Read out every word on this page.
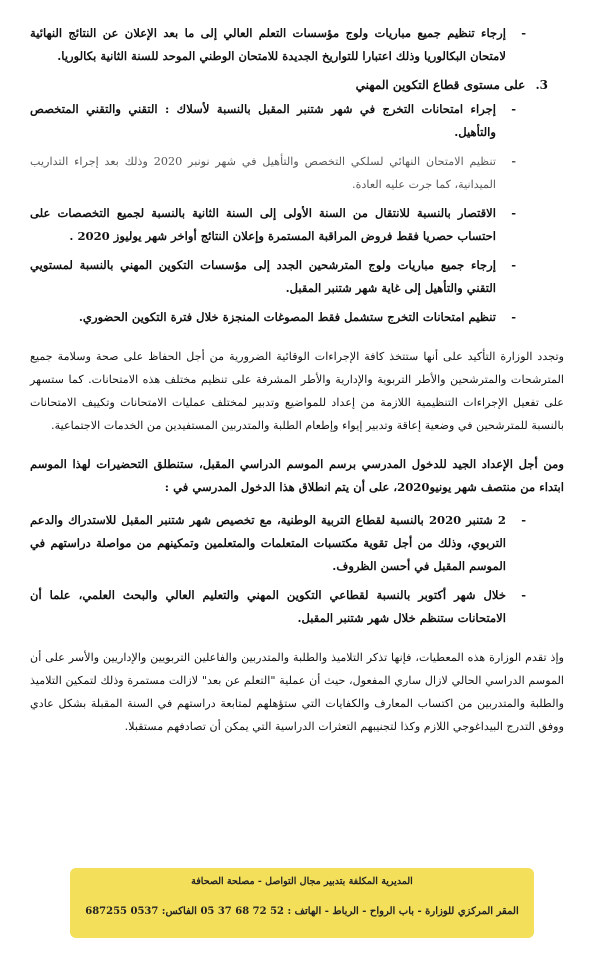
- إرجاء تنظيم جميع مباريات ولوج مؤسسات التعلم العالي إلى ما بعد الإعلان عن النتائج النهائية لامتحان البكالوريا وذلك اعتبارا للتواريخ الجديدة للامتحان الوطني الموحد للسنة الثانية بكالوريا.
3. على مستوى قطاع التكوين المهني
- إجراء امتحانات التخرج في شهر شتنبر المقبل بالنسبة لأسلاك : التقني والتقني المتخصص والتأهيل.
- تنظيم الامتحان النهائي لسلكي التخصص والتأهيل في شهر نونبر 2020 وذلك بعد إجراء التداريب الميدانية، كما جرت عليه العادة.
- الاقتصار بالنسبة للانتقال من السنة الأولى إلى السنة الثانية بالنسبة لجميع التخصصات على احتساب حصريا فقط فروض المراقبة المستمرة وإعلان النتائج أواخر شهر يوليوز 2020 .
- إرجاء جميع مباريات ولوج المترشحين الجدد إلى مؤسسات التكوين المهني بالنسبة لمستويي التقني والتأهيل إلى غاية شهر شتنبر المقبل.
- تنظيم امتحانات التخرج ستشمل فقط المصوغات المنجزة خلال فترة التكوين الحضوري.

وتجدد الوزارة التأكيد على أنها ستتخذ كافة الإجراءات الوقائية الضرورية من أجل الحفاظ على صحة وسلامة جميع المترشحات والمترشحين والأطر التربوية والإدارية والأطر المشرفة على تنظيم مختلف هذه الامتحانات. كما ستسهر على تفعيل الإجراءات التنظيمية اللازمة من إعداد للمواضيع وتدبير لمختلف عمليات الامتحانات وتكييف الامتحانات بالنسبة للمترشحين في وضعية إعاقة وتدبير إيواء وإطعام الطلبة والمتدربين المستفيدين من الخدمات الاجتماعية.

ومن أجل الإعداد الجيد للدخول المدرسي برسم الموسم الدراسي المقبل، ستنطلق التحضيرات لهذا الموسم ابتداء من منتصف شهر يونيو2020، على أن يتم انطلاق هذا الدخول المدرسي في :

- 2 شتنبر 2020 بالنسبة لقطاع التربية الوطنية، مع تخصيص شهر شتنبر المقبل للاستدراك والدعم التربوي، وذلك من أجل تقوية مكتسبات المتعلمات والمتعلمين وتمكينهم من مواصلة دراستهم في الموسم المقبل في أحسن الظروف.
- خلال شهر أكتوبر بالنسبة لقطاعي التكوين المهني والتعليم العالي والبحث العلمي، علما أن الامتحانات ستنظم خلال شهر شتنبر المقبل.

وإذ تقدم الوزارة هذه المعطيات، فإنها تذكر التلاميذ والطلبة والمتدربين والفاعلين التربويين والإداريين والأسر على أن الموسم الدراسي الحالي لازال ساري المفعول، حيث أن عملية "التعلم عن بعد" لازالت مستمرة وذلك لتمكين التلاميذ والطلبة والمتدربين من اكتساب المعارف والكفايات التي ستؤهلهم لمتابعة دراستهم في السنة المقبلة بشكل عادي ووفق التدرج البيداغوجي اللازم وكذا لتجنيبهم التعثرات الدراسية التي يمكن أن تصادفهم مستقبلا.

المديرية المكلفة بتدبير مجال التواصل - مصلحة الصحافة
المقر المركزي للوزارة - باب الرواح - الرباط - الهاتف : 52 72 68 37 05 الفاكس: 0537 687255
